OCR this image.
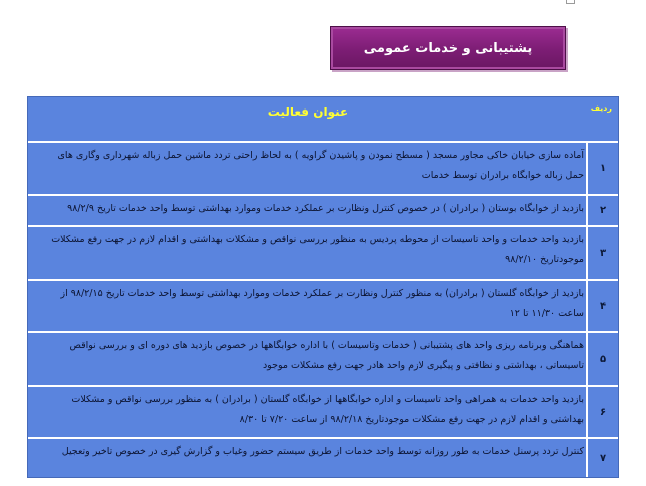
پشتیبانی و خدمات عمومی
عنوان فعالیت	ردیف
آماده سازی خیابان خاکی مجاور مسجد ( مسطح نمودن و پاشیدن گراویه ) به لحاظ راحتی تردد ماشین حمل زباله شهرداری وگاری های حمل زباله خوابگاه برادران توسط خدمات
۱
بازدید از خوابگاه بوستان ( برادران ) در خصوص کنترل ونظارت بر عملکرد خدمات وموارد بهداشتی توسط واحد خدمات تاریخ ۹۸/۲/۹	۲
بازدید واحد خدمات و واحد تاسیسات از محوطه پردیس به منظور بررسی نواقص و مشکلات بهداشتی و اقدام لازم در جهت رفع مشکلات موجودتاریخ ۹۸/۲/۱۰
۳
بازدید از خوابگاه گلستان ( برادران) به منظور کنترل ونظارت بر عملکرد خدمات وموارد بهداشتی توسط واحد خدمات تاریخ ۹۸/۲/۱۵ از ساعت ۱۱/۳۰ تا ۱۲
۴
هماهنگی وبرنامه ریزی واحد های پشتیبانی ( خدمات وتاسیسات ) با اداره خوابگاهها در خصوص بازدید های دوره ای و بررسی نواقص تاسیساتی ، بهداشتی و نظافتی و پیگیری لازم واحد هادر جهت رفع مشکلات موجود
۵
بازدید واحد خدمات به همراهی واحد تاسیسات و اداره خوابگاهها از خوابگاه گلستان ( برادران ) به منظور بررسی نواقص و مشکلات بهداشتی و اقدام لازم در جهت رفع مشکلات موجودتاریخ ۹۸/۲/۱۸ از ساعت ۷/۲۰ تا ۸/۳۰
۶
کنترل تردد پرسنل خدمات به طور روزانه توسط واحد خدمات از طریق سیستم حضور وغیاب و گزارش گیری در خصوص تاخیر وتعجیل
۷
